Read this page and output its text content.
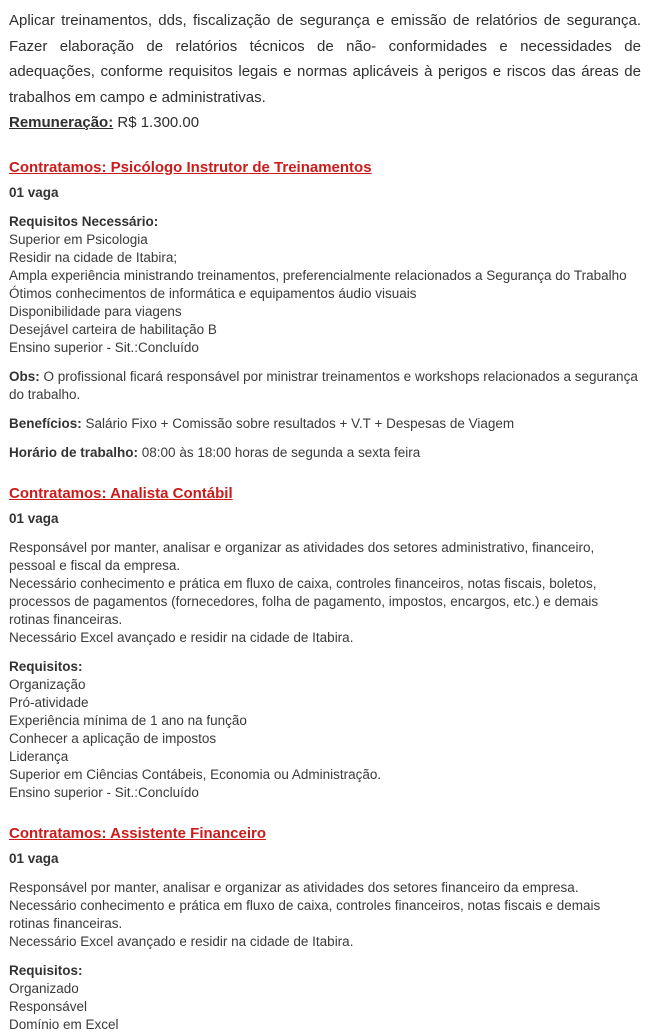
Aplicar treinamentos, dds, fiscalização de segurança e emissão de relatórios de segurança. Fazer elaboração de relatórios técnicos de não- conformidades e necessidades de adequações, conforme requisitos legais e normas aplicáveis à perigos e riscos das áreas de trabalhos em campo e administrativas.

Remuneração: R$ 1.300.00

Contratamos: Psicólogo Instrutor de Treinamentos

01 vaga

Requisitos Necessário:
Superior em Psicologia
Residir na cidade de Itabira;
Ampla experiência ministrando treinamentos, preferencialmente relacionados a Segurança do Trabalho
Ótimos conhecimentos de informática e equipamentos áudio visuais
Disponibilidade para viagens
Desejável carteira de habilitação B
Ensino superior - Sit.:Concluído

Obs: O profissional ficará responsável por ministrar treinamentos e workshops relacionados a segurança do trabalho.

Benefícios: Salário Fixo + Comissão sobre resultados + V.T + Despesas de Viagem

Horário de trabalho: 08:00 às 18:00 horas de segunda a sexta feira

Contratamos: Analista Contábil

01 vaga

Responsável por manter, analisar e organizar as atividades dos setores administrativo, financeiro, pessoal e fiscal da empresa.
Necessário conhecimento e prática em fluxo de caixa, controles financeiros, notas fiscais, boletos, processos de pagamentos (fornecedores, folha de pagamento, impostos, encargos, etc.) e demais rotinas financeiras.
Necessário Excel avançado e residir na cidade de Itabira.
Requisitos:
Organização
Pró-atividade
Experiência mínima de 1 ano na função
Conhecer a aplicação de impostos
Liderança
Superior em Ciências Contábeis, Economia ou Administração.
Ensino superior - Sit.:Concluído
Contratamos: Assistente Financeiro

01 vaga

Responsável por manter, analisar e organizar as atividades dos setores financeiro da empresa.
Necessário conhecimento e prática em fluxo de caixa, controles financeiros, notas fiscais e demais rotinas financeiras.
Necessário Excel avançado e residir na cidade de Itabira.
Requisitos:
Organizado
Responsável
Domínio em Excel
